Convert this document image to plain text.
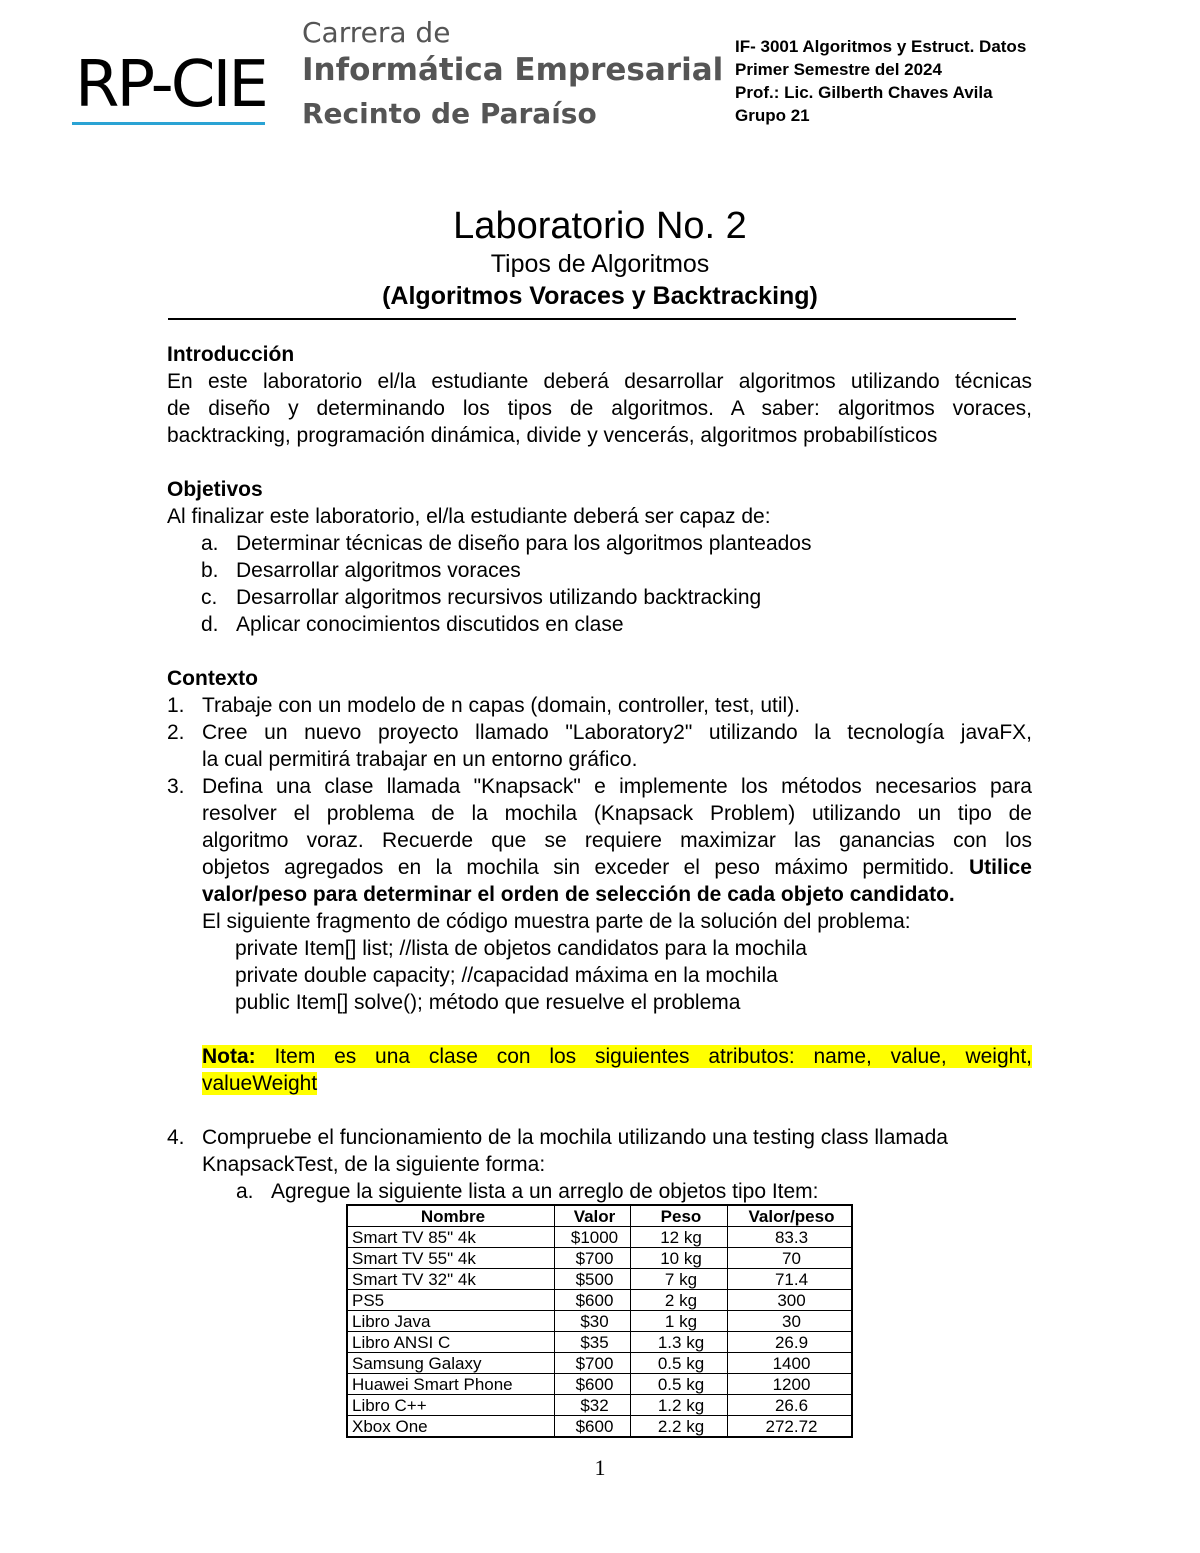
RP-CIE
Carrera de
Informática Empresarial
Recinto de Paraíso
IF- 3001 Algoritmos y Estruct. Datos
Primer Semestre del 2024
Prof.: Lic. Gilberth Chaves Avila
Grupo 21
Laboratorio No. 2
Tipos de Algoritmos
(Algoritmos Voraces y Backtracking)
Introducción
En este laboratorio el/la estudiante deberá desarrollar algoritmos utilizando técnicas
de diseño y determinando los tipos de algoritmos. A saber: algoritmos voraces,
backtracking, programación dinámica, divide y vencerás, algoritmos probabilísticos
Objetivos
Al finalizar este laboratorio, el/la estudiante deberá ser capaz de:
a. Determinar técnicas de diseño para los algoritmos planteados
b. Desarrollar algoritmos voraces
c. Desarrollar algoritmos recursivos utilizando backtracking
d. Aplicar conocimientos discutidos en clase
Contexto
1. Trabaje con un modelo de n capas (domain, controller, test, util).
2. Cree un nuevo proyecto llamado "Laboratory2" utilizando la tecnología javaFX,
la cual permitirá trabajar en un entorno gráfico.
3. Defina una clase llamada "Knapsack" e implemente los métodos necesarios para
resolver el problema de la mochila (Knapsack Problem) utilizando un tipo de
algoritmo voraz. Recuerde que se requiere maximizar las ganancias con los
objetos agregados en la mochila sin exceder el peso máximo permitido. Utilice
valor/peso para determinar el orden de selección de cada objeto candidato.
El siguiente fragmento de código muestra parte de la solución del problema:
private Item[] list; //lista de objetos candidatos para la mochila
private double capacity; //capacidad máxima en la mochila
public Item[] solve(); método que resuelve el problema
Nota: Item es una clase con los siguientes atributos: name, value, weight,
valueWeight
4. Compruebe el funcionamiento de la mochila utilizando una testing class llamada
KnapsackTest, de la siguiente forma:
a. Agregue la siguiente lista a un arreglo de objetos tipo Item:
Nombre	Valor	Peso	Valor/peso
Smart TV 85" 4k	$1000	12 kg	83.3
Smart TV 55" 4k	$700	10 kg	70
Smart TV 32" 4k	$500	7 kg	71.4
PS5	$600	2 kg	300
Libro Java	$30	1 kg	30
Libro ANSI C	$35	1.3 kg	26.9
Samsung Galaxy	$700	0.5 kg	1400
Huawei Smart Phone	$600	0.5 kg	1200
Libro C++	$32	1.2 kg	26.6
Xbox One	$600	2.2 kg	272.72
1
